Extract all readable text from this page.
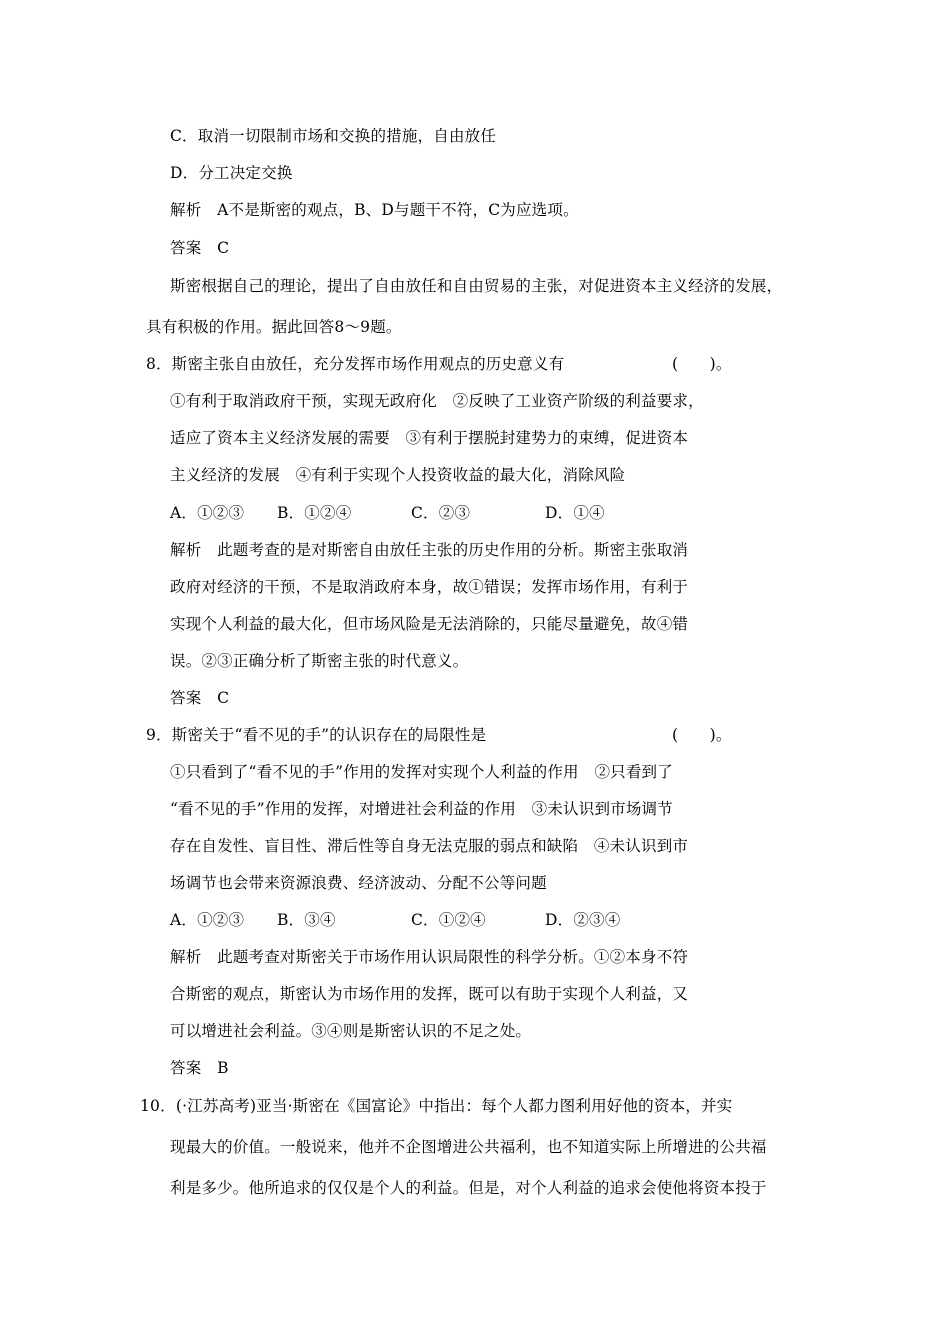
C．取消一切限制市场和交换的措施，自由放任
D．分工决定交换
解析　A不是斯密的观点，B、D与题干不符，C为应选项。
答案　C
斯密根据自己的理论，提出了自由放任和自由贸易的主张，对促进资本主义经济的发展，
具有积极的作用。据此回答8～9题。
8．斯密主张自由放任，充分发挥市场作用观点的历史意义有	(　　)。
①有利于取消政府干预，实现无政府化　②反映了工业资产阶级的利益要求，
适应了资本主义经济发展的需要　③有利于摆脱封建势力的束缚，促进资本
主义经济的发展　④有利于实现个人投资收益的最大化，消除风险
A．①②③ B．①②④	C．②③	D．①④
解析　此题考查的是对斯密自由放任主张的历史作用的分析。斯密主张取消
政府对经济的干预，不是取消政府本身，故①错误；发挥市场作用，有利于
实现个人利益的最大化，但市场风险是无法消除的，只能尽量避免，故④错
误。②③正确分析了斯密主张的时代意义。
答案　C
9．斯密关于“看不见的手”的认识存在的局限性是	(　　)。
①只看到了“看不见的手”作用的发挥对实现个人利益的作用　②只看到了
“看不见的手”作用的发挥，对增进社会利益的作用　③未认识到市场调节
存在自发性、盲目性、滞后性等自身无法克服的弱点和缺陷　④未认识到市
场调节也会带来资源浪费、经济波动、分配不公等问题
A．①②③ B．③④	C．①②④	D．②③④
解析　此题考查对斯密关于市场作用认识局限性的科学分析。①②本身不符
合斯密的观点，斯密认为市场作用的发挥，既可以有助于实现个人利益，又
可以增进社会利益。③④则是斯密认识的不足之处。
答案　B
10．(·江苏高考)亚当·斯密在《国富论》中指出：每个人都力图利用好他的资本，并实
现最大的价值。一般说来，他并不企图增进公共福利，也不知道实际上所增进的公共福
利是多少。他所追求的仅仅是个人的利益。但是，对个人利益的追求会使他将资本投于
